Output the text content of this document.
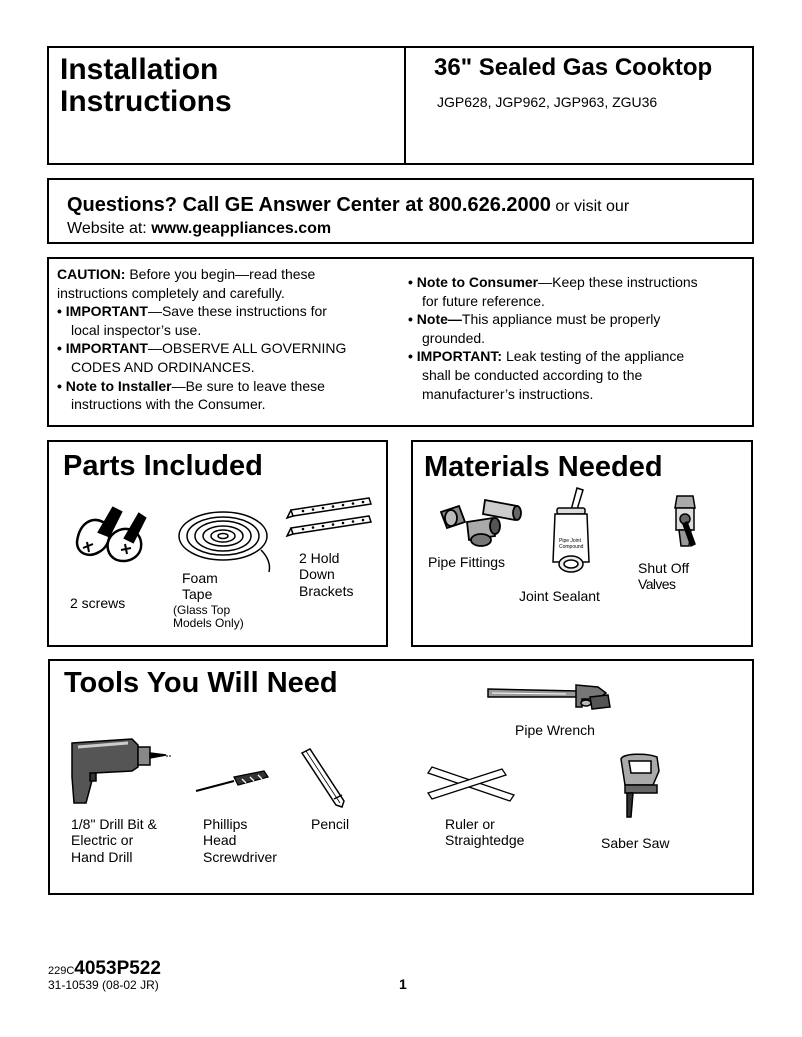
Installation
Instructions
36" Sealed Gas Cooktop
JGP628, JGP962, JGP963, ZGU36
Questions? Call GE Answer Center at 800.626.2000 or visit our
Website at: www.geappliances.com
CAUTION: Before you begin—read these
instructions completely and carefully.
• IMPORTANT—Save these instructions for
local inspector’s use.
• IMPORTANT—OBSERVE ALL GOVERNING
CODES AND ORDINANCES.
• Note to Installer—Be sure to leave these
instructions with the Consumer.
• Note to Consumer—Keep these instructions
for future reference.
• Note—This appliance must be properly
grounded.
• IMPORTANT: Leak testing of the appliance
shall be conducted according to the
manufacturer’s instructions.
Parts Included
2 screws
Foam
Tape
(Glass Top
Models Only)
2 Hold
Down
Brackets
Materials Needed
Pipe Fittings
Pipe Joint
Compound
Joint Sealant
Shut Off
Valves
Tools You Will Need
Pipe Wrench
1/8" Drill Bit &
Electric or
Hand Drill
Phillips
Head
Screwdriver
Pencil	Ruler or
Straightedge	Saber Saw
229C4053P522
31-10539 (08-02 JR)	1
